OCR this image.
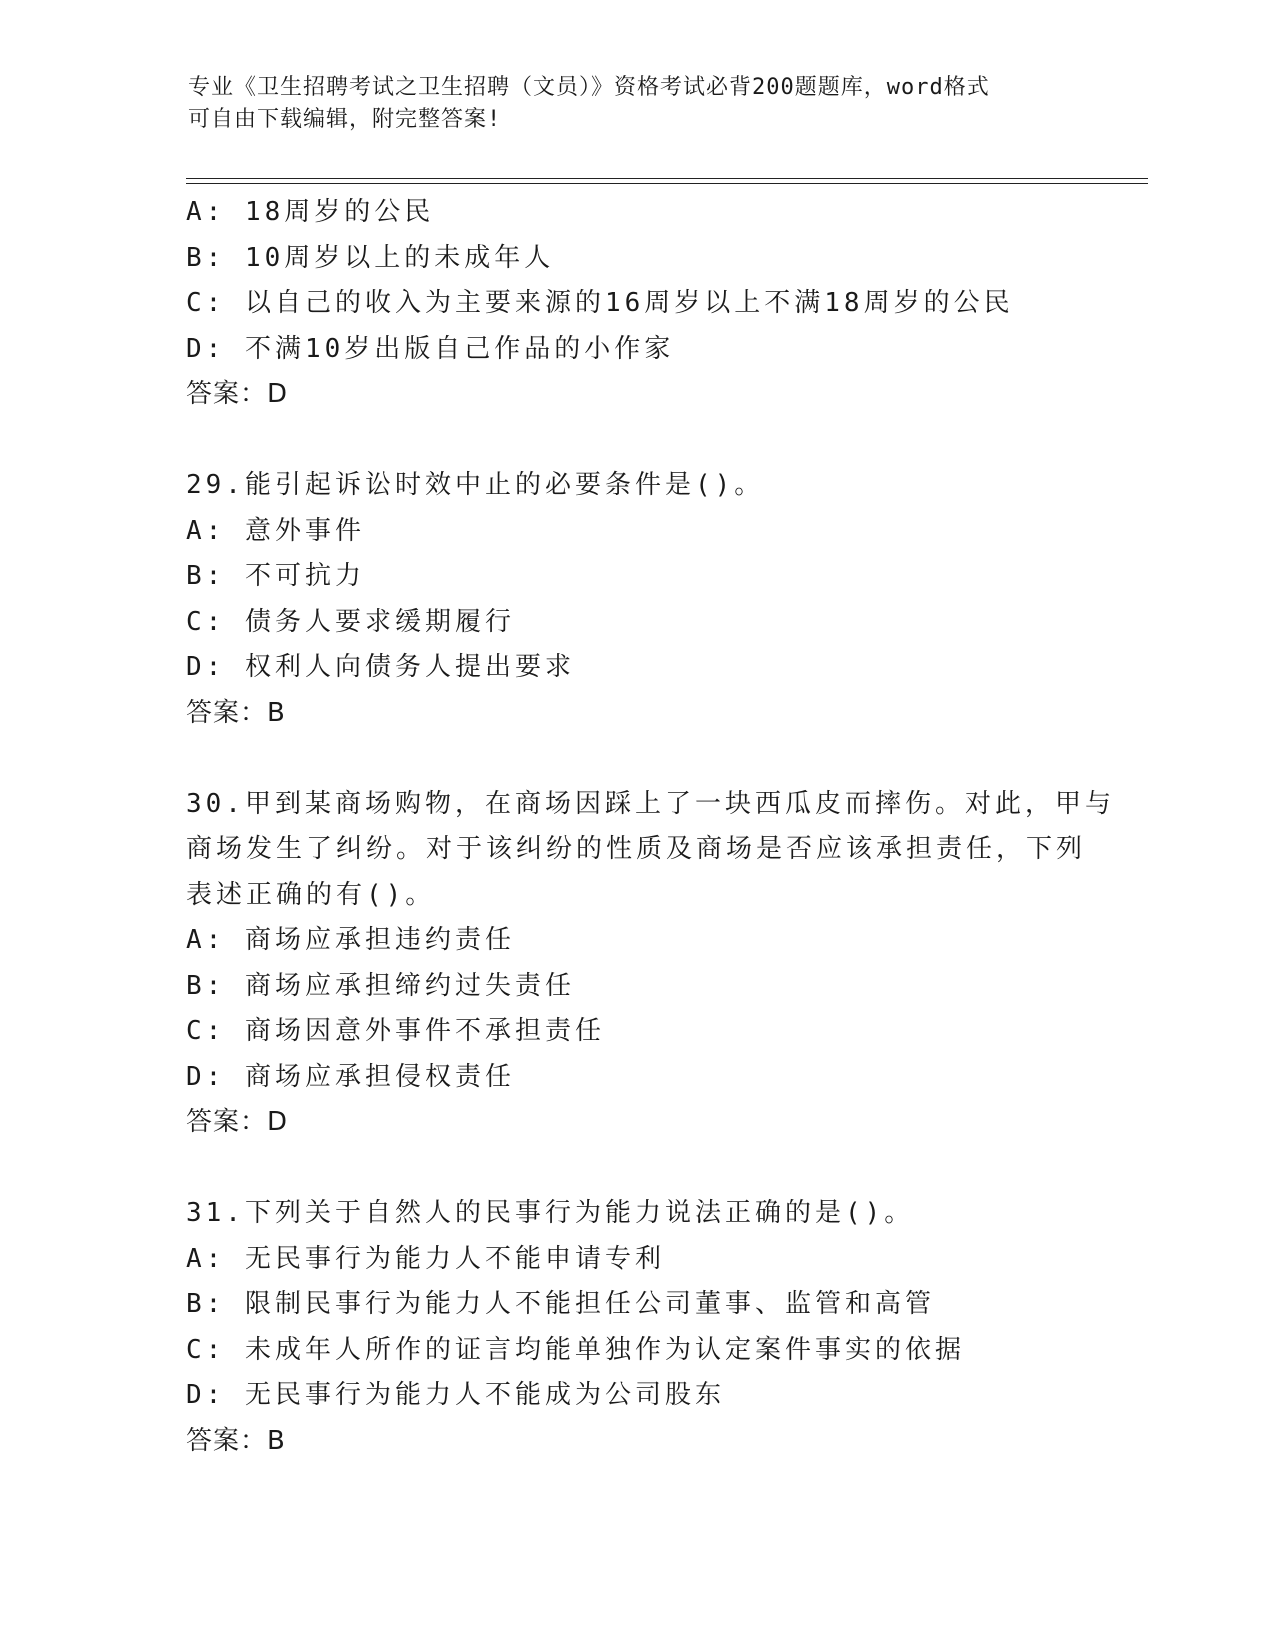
专业《卫生招聘考试之卫生招聘（文员）》资格考试必背200题题库，word格式
可自由下载编辑，附完整答案!
A: 18周岁的公民
B: 10周岁以上的未成年人
C: 以自己的收入为主要来源的16周岁以上不满18周岁的公民
D: 不满10岁出版自己作品的小作家
答案：D
29.能引起诉讼时效中止的必要条件是()。
A: 意外事件
B: 不可抗力
C: 债务人要求缓期履行
D: 权利人向债务人提出要求
答案：B
30.甲到某商场购物，在商场因踩上了一块西瓜皮而摔伤。对此，甲与
商场发生了纠纷。对于该纠纷的性质及商场是否应该承担责任，下列
表述正确的有()。
A: 商场应承担违约责任
B: 商场应承担缔约过失责任
C: 商场因意外事件不承担责任
D: 商场应承担侵权责任
答案：D
31.下列关于自然人的民事行为能力说法正确的是()。
A: 无民事行为能力人不能申请专利
B: 限制民事行为能力人不能担任公司董事、监管和高管
C: 未成年人所作的证言均能单独作为认定案件事实的依据
D: 无民事行为能力人不能成为公司股东
答案：B
